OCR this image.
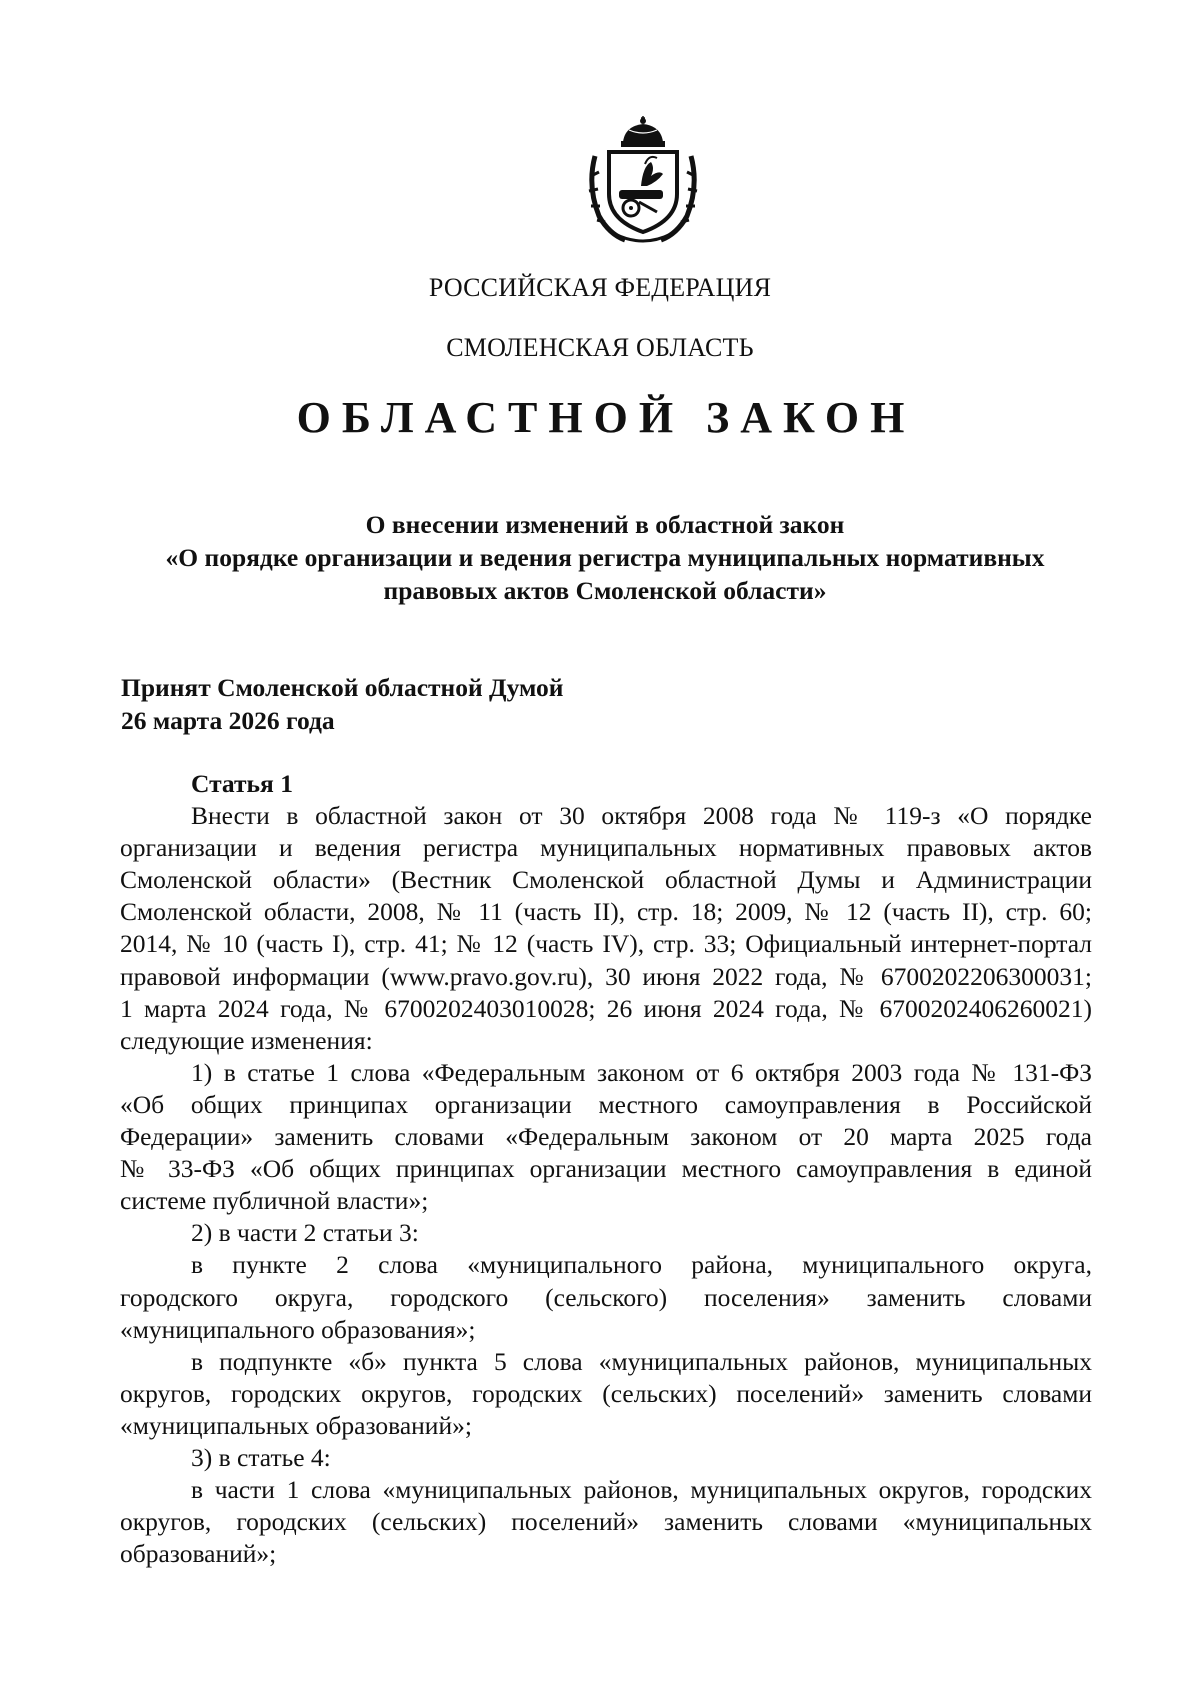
РОССИЙСКАЯ ФЕДЕРАЦИЯ
СМОЛЕНСКАЯ ОБЛАСТЬ
ОБЛАСТНОЙ ЗАКОН
О внесении изменений в областной закон
«О порядке организации и ведения регистра муниципальных нормативных
правовых актов Смоленской области»
Принят Смоленской областной Думой
26 марта 2026 года
Статья 1
Внести в областной закон от 30 октября 2008 года № 119-з «О порядке
организации и ведения регистра муниципальных нормативных правовых актов
Смоленской области» (Вестник Смоленской областной Думы и Администрации
Смоленской области, 2008, № 11 (часть II), стр. 18; 2009, № 12 (часть II), стр. 60;
2014, № 10 (часть I), стр. 41; № 12 (часть IV), стр. 33; Официальный интернет-портал
правовой информации (www.pravo.gov.ru), 30 июня 2022 года, № 6700202206300031;
1 марта 2024 года, № 6700202403010028; 26 июня 2024 года, № 6700202406260021)
следующие изменения:
1) в статье 1 слова «Федеральным законом от 6 октября 2003 года № 131-ФЗ
«Об общих принципах организации местного самоуправления в Российской
Федерации» заменить словами «Федеральным законом от 20 марта 2025 года
№ 33-ФЗ «Об общих принципах организации местного самоуправления в единой
системе публичной власти»;
2) в части 2 статьи 3:
в пункте 2 слова «муниципального района, муниципального округа,
городского округа, городского (сельского) поселения» заменить словами
«муниципального образования»;
в подпункте «б» пункта 5 слова «муниципальных районов, муниципальных
округов, городских округов, городских (сельских) поселений» заменить словами
«муниципальных образований»;
3) в статье 4:
в части 1 слова «муниципальных районов, муниципальных округов, городских
округов, городских (сельских) поселений» заменить словами «муниципальных
образований»;
